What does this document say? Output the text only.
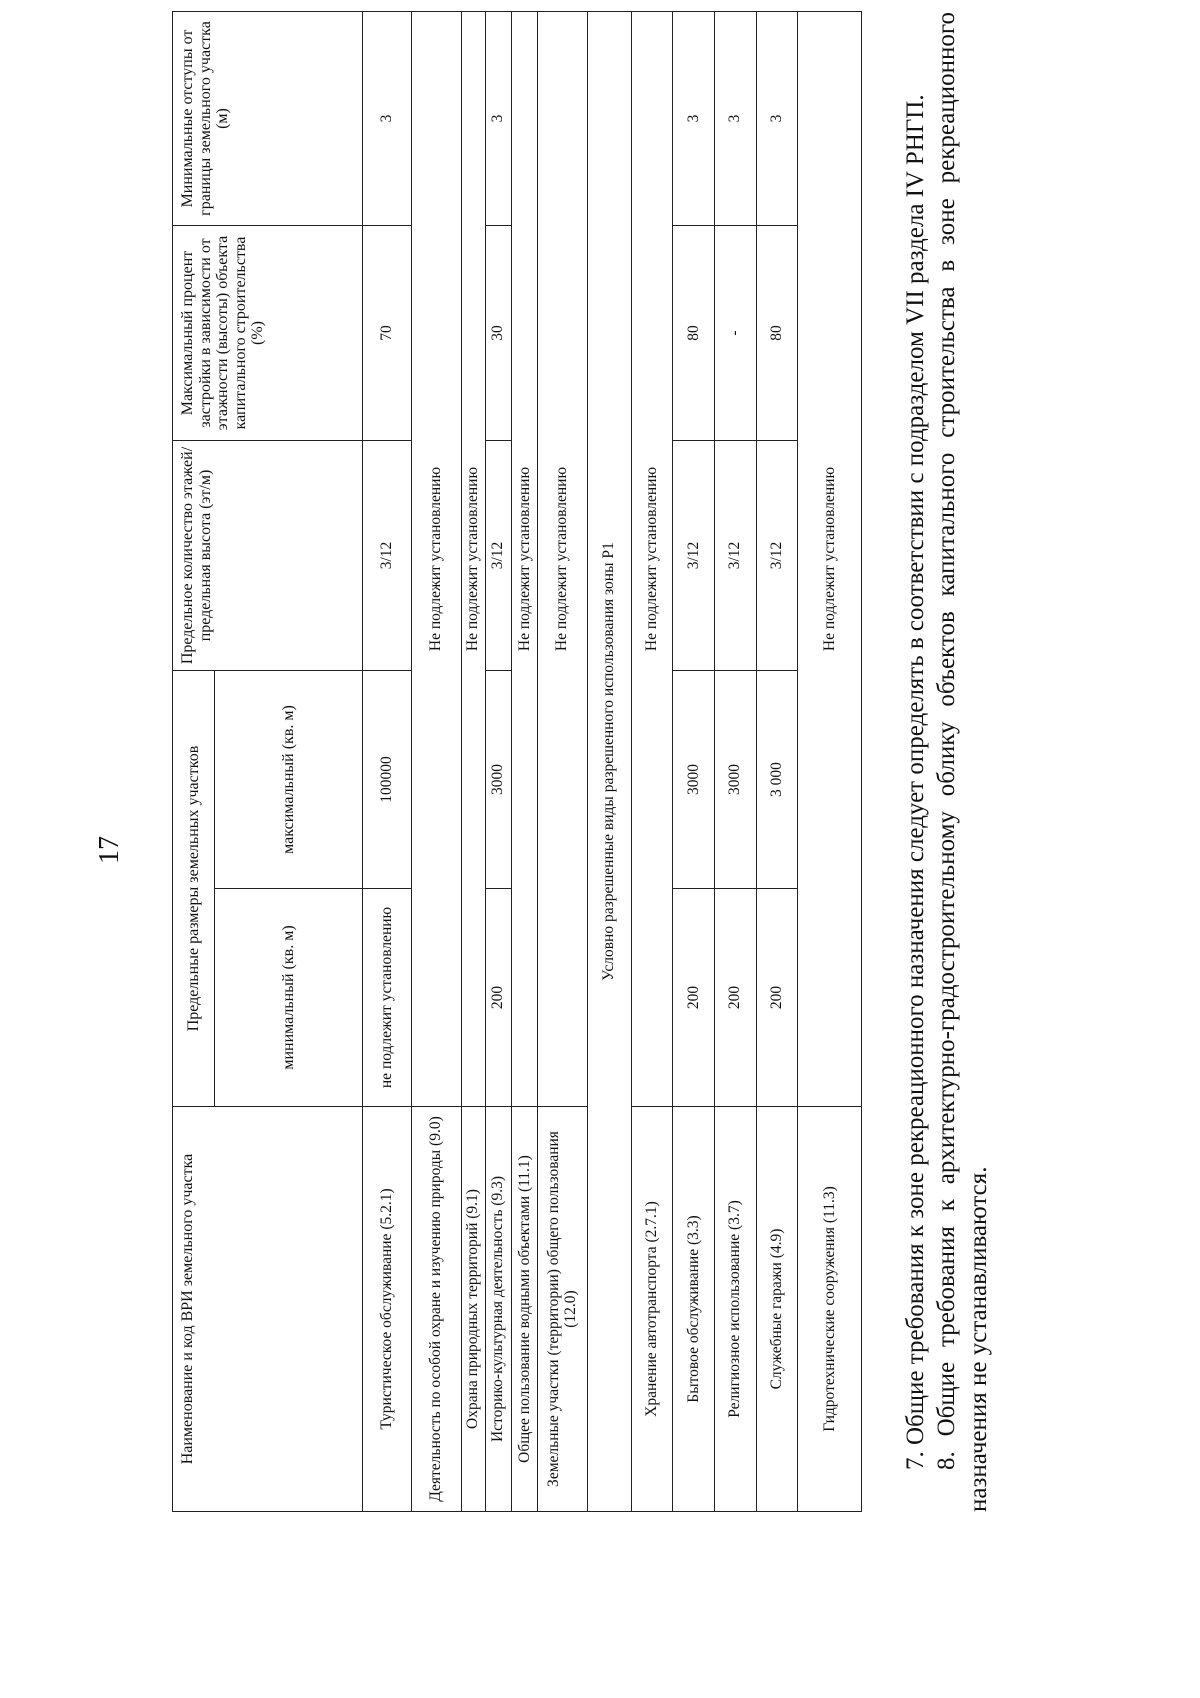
17
Наименование и код ВРИ земельного участка	Предельные размеры земельных участков		Предельное количество этажей/предельная высота (эт/м)	Максимальный процент застройки в зависимости от этажности (высоты) объекта капитального строительства (%)	Минимальные отступы от границы земельного участка (м)
	минимальный (кв. м)	максимальный (кв. м)			
Туристическое обслуживание (5.2.1)	не подлежит установлению	100000	3/12	70	3
Деятельность по особой охране и изучению природы (9.0)	Не подлежит установлению				
Охрана природных территорий (9.1)	Не подлежит установлению				
Историко-культурная деятельность (9.3)	200	3000	3/12	30	3
Общее пользование водными объектами (11.1)	Не подлежит установлению				
Земельные участки (территории) общего пользования (12.0)	Не подлежит установлению				
Условно разрешенные виды разрешенного использования зоны Р1					
Хранение автотранспорта (2.7.1)	Не подлежит установлению				
Бытовое обслуживание (3.3)	200	3000	3/12	80	3
Религиозное использование (3.7)	200	3000	3/12	-	3
Служебные гаражи (4.9)	200	3 000	3/12	80	3
Гидротехнические сооружения (11.3)	Не подлежит установлению					7. Общие требования к зоне рекреационного назначения следует определять в соответствии с подразделом VII раздела IV РНГП. 8. Общие требования к архитектурно-градостроительному облику объектов капитального строительства в зоне рекреационного назначения не устанавливаются.
